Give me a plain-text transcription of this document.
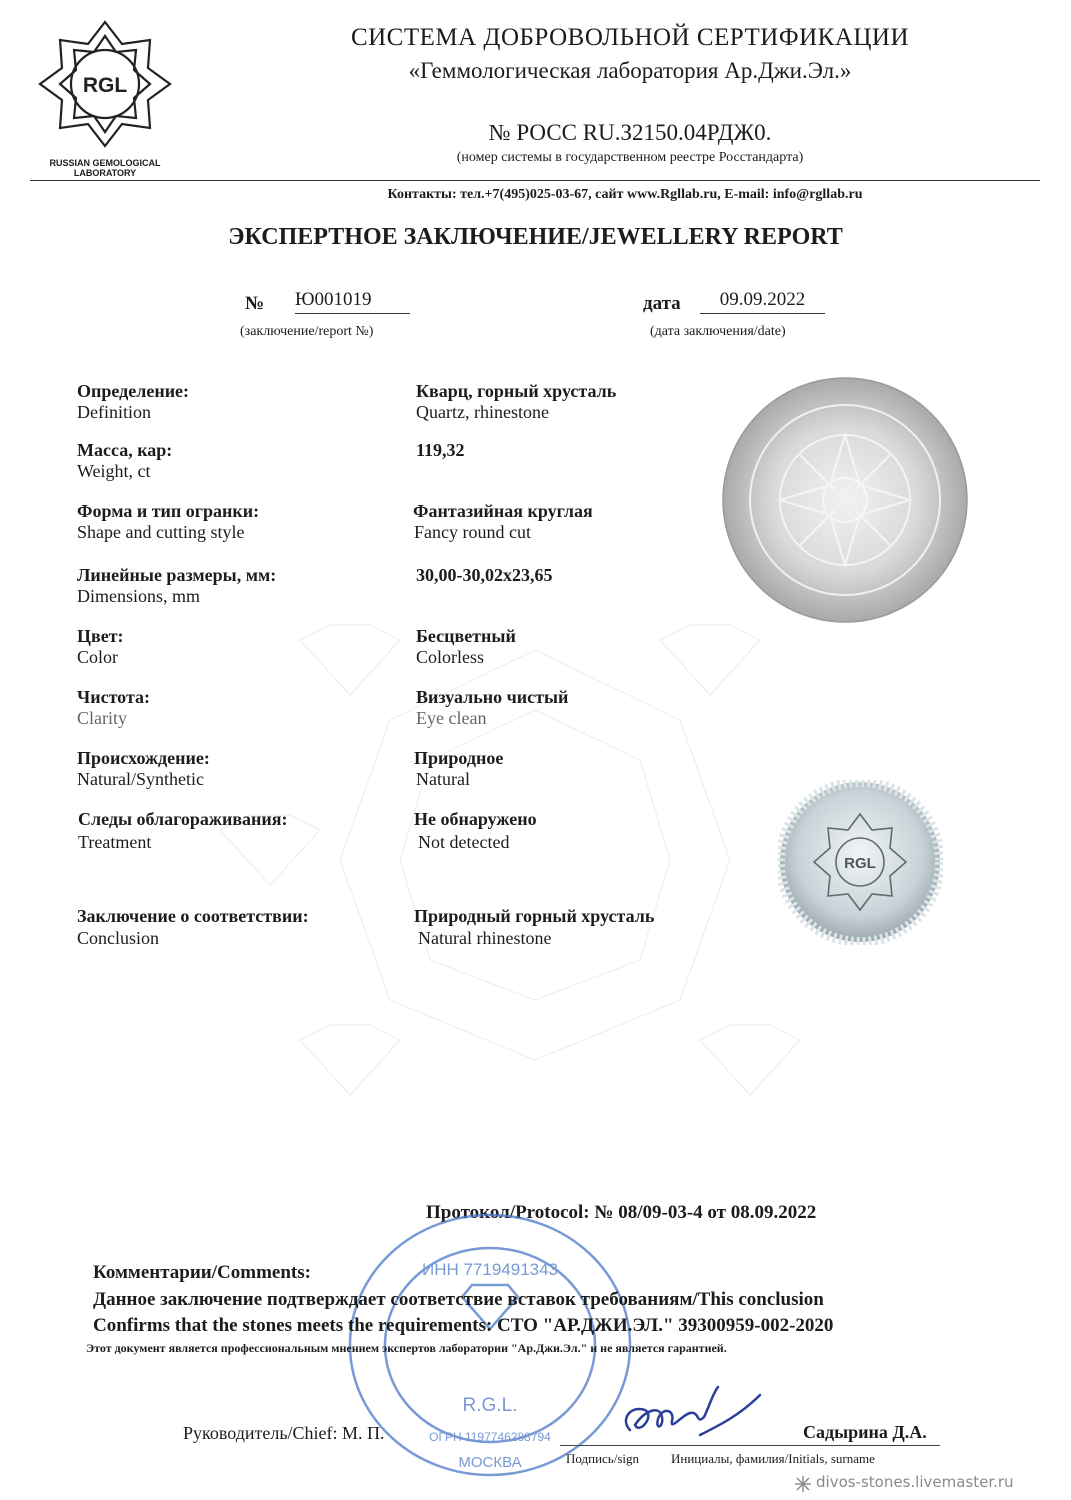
RGL
RUSSIAN GEMOLOGICAL
LABORATORY
СИСТЕМА ДОБРОВОЛЬНОЙ СЕРТИФИКАЦИИ
«Геммологическая лаборатория Ар.Джи.Эл.»
№ РОСС RU.З2150.04РДЖ0.
(номер системы в государственном реестре Росстандарта)
Контакты: тел.+7(495)025-03-67, сайт www.Rgllab.ru, E-mail: info@rgllab.ru
ЭКСПЕРТНОЕ ЗАКЛЮЧЕНИЕ/JEWELLERY REPORT
№ Ю001019
(заключение/report №)
дата	09.09.2022
(дата заключения/date)
Определение:
Definition
Кварц, горный хрусталь
Quartz, rhinestone
Масса, кар:
Weight, ct
119,32
Форма и тип огранки:
Shape and cutting style
Фантазийная круглая
Fancy round cut
Линейные размеры, мм:
Dimensions, mm
30,00-30,02х23,65
Цвет:
Color
Бесцветный
Colorless
Чистота:
Clarity
Визуально чистый
Eye clean
Происхождение:
Natural/Synthetic
Природное
Natural
Следы облагораживания:
Treatment
Не обнаружено
Not detected
Заключение о соответствии:
Conclusion
Природный горный хрусталь
Natural rhinestone
RGL
Протокол/Protocol: № 08/09-03-4 от 08.09.2022
ИНН 7719491343
R.G.L.
ОГРН 1197746288794
МОСКВА
Комментарии/Comments:
Данное заключение подтверждает соответствие вставок требованиям/This conclusion
Confirms that the stones meets the requirements: СТО "АР.ДЖИ.ЭЛ." 39300959-002-2020
Этот документ является профессиональным мнением экспертов лаборатории "Ар.Джи.Эл." и не является гарантией.
Руководитель/Chief: М. П.	Садырина Д.А.
Подпись/sign Инициалы, фамилия/Initials, surname
divos-stones.livemaster.ru
